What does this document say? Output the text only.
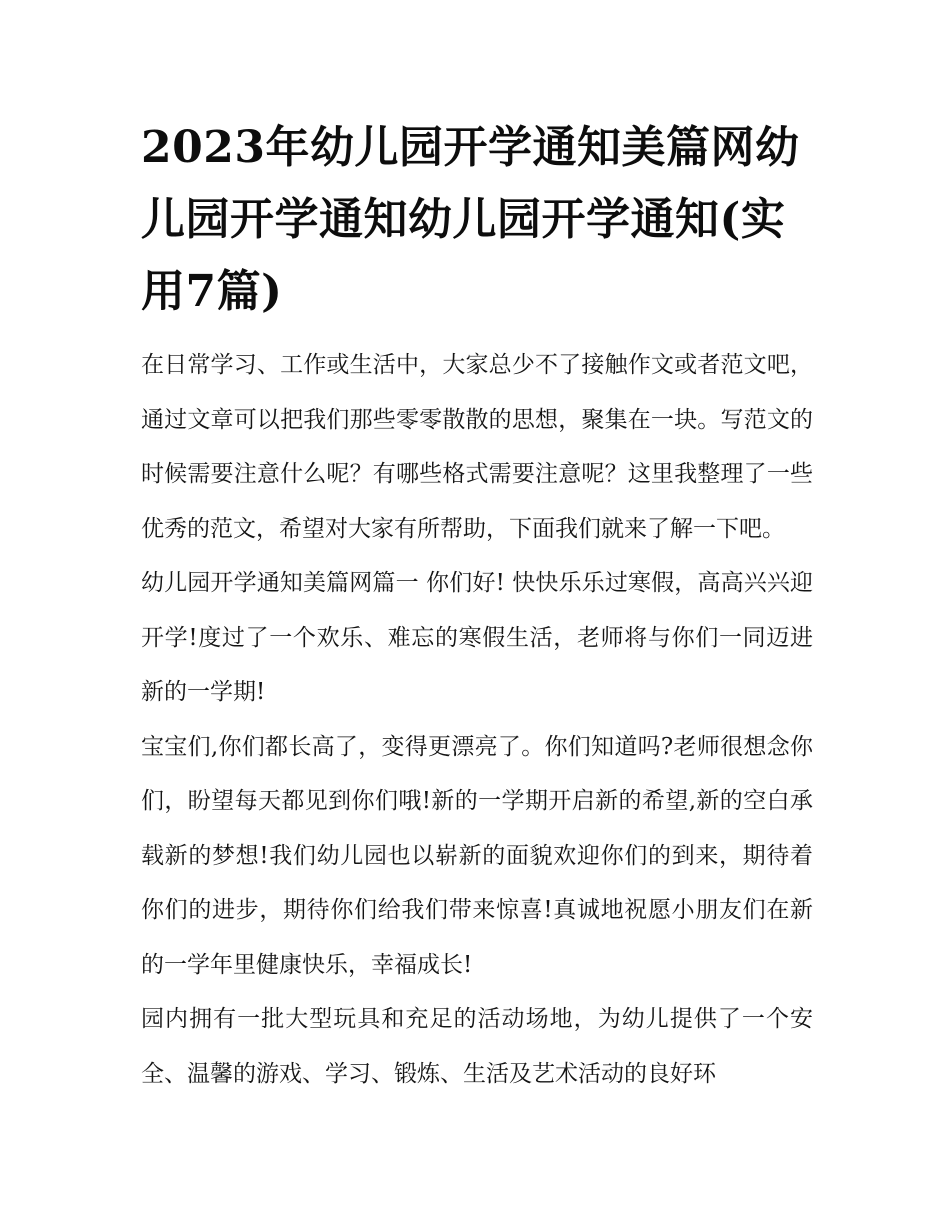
2023年幼儿园开学通知美篇网幼儿园开学通知幼儿园开学通知(实用7篇)

在日常学习、工作或生活中，大家总少不了接触作文或者范文吧，通过文章可以把我们那些零零散散的思想，聚集在一块。写范文的时候需要注意什么呢？有哪些格式需要注意呢？这里我整理了一些优秀的范文，希望对大家有所帮助，下面我们就来了解一下吧。

幼儿园开学通知美篇网篇一 你们好! 快快乐乐过寒假，高高兴兴迎开学!度过了一个欢乐、难忘的寒假生活，老师将与你们一同迈进新的一学期!

宝宝们,你们都长高了，变得更漂亮了。你们知道吗?老师很想念你们，盼望每天都见到你们哦!新的一学期开启新的希望,新的空白承载新的梦想!我们幼儿园也以崭新的面貌欢迎你们的到来，期待着你们的进步，期待你们给我们带来惊喜!真诚地祝愿小朋友们在新的一学年里健康快乐，幸福成长!

园内拥有一批大型玩具和充足的活动场地，为幼儿提供了一个安全、温馨的游戏、学习、锻炼、生活及艺术活动的良好环
